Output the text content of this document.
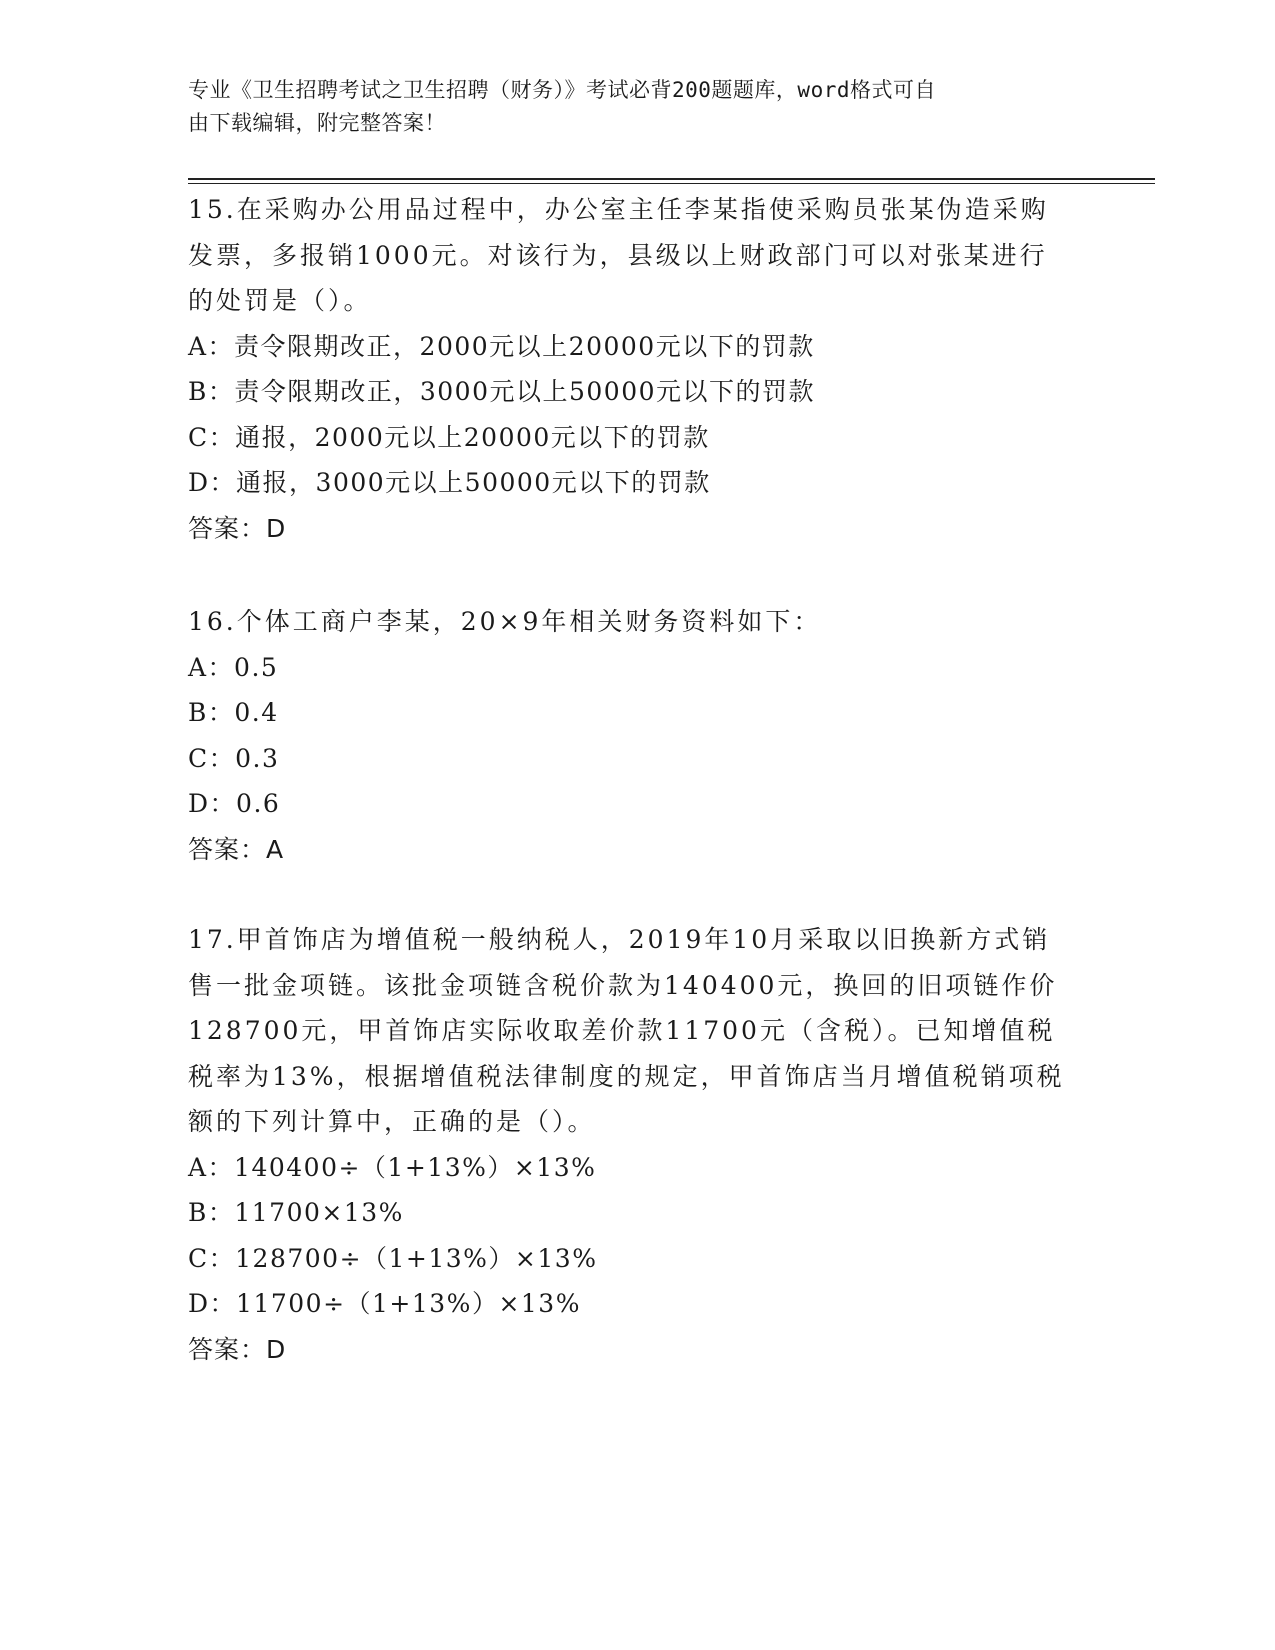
专业《卫生招聘考试之卫生招聘（财务）》考试必背200题题库，word格式可自
由下载编辑，附完整答案！
15.在采购办公用品过程中，办公室主任李某指使采购员张某伪造采购
发票，多报销1000元。对该行为，县级以上财政部门可以对张某进行
的处罚是（）。
A：责令限期改正，2000元以上20000元以下的罚款
B：责令限期改正，3000元以上50000元以下的罚款
C：通报，2000元以上20000元以下的罚款
D：通报，3000元以上50000元以下的罚款
答案：D
16.个体工商户李某，20×9年相关财务资料如下：
A：0.5
B：0.4
C：0.3
D：0.6
答案：A
17.甲首饰店为增值税一般纳税人，2019年10月采取以旧换新方式销
售一批金项链。该批金项链含税价款为140400元，换回的旧项链作价
128700元，甲首饰店实际收取差价款11700元（含税）。已知增值税
税率为13%，根据增值税法律制度的规定，甲首饰店当月增值税销项税
额的下列计算中，正确的是（）。
A：140400÷（1+13%）×13%
B：11700×13%
C：128700÷（1+13%）×13%
D：11700÷（1+13%）×13%
答案：D
